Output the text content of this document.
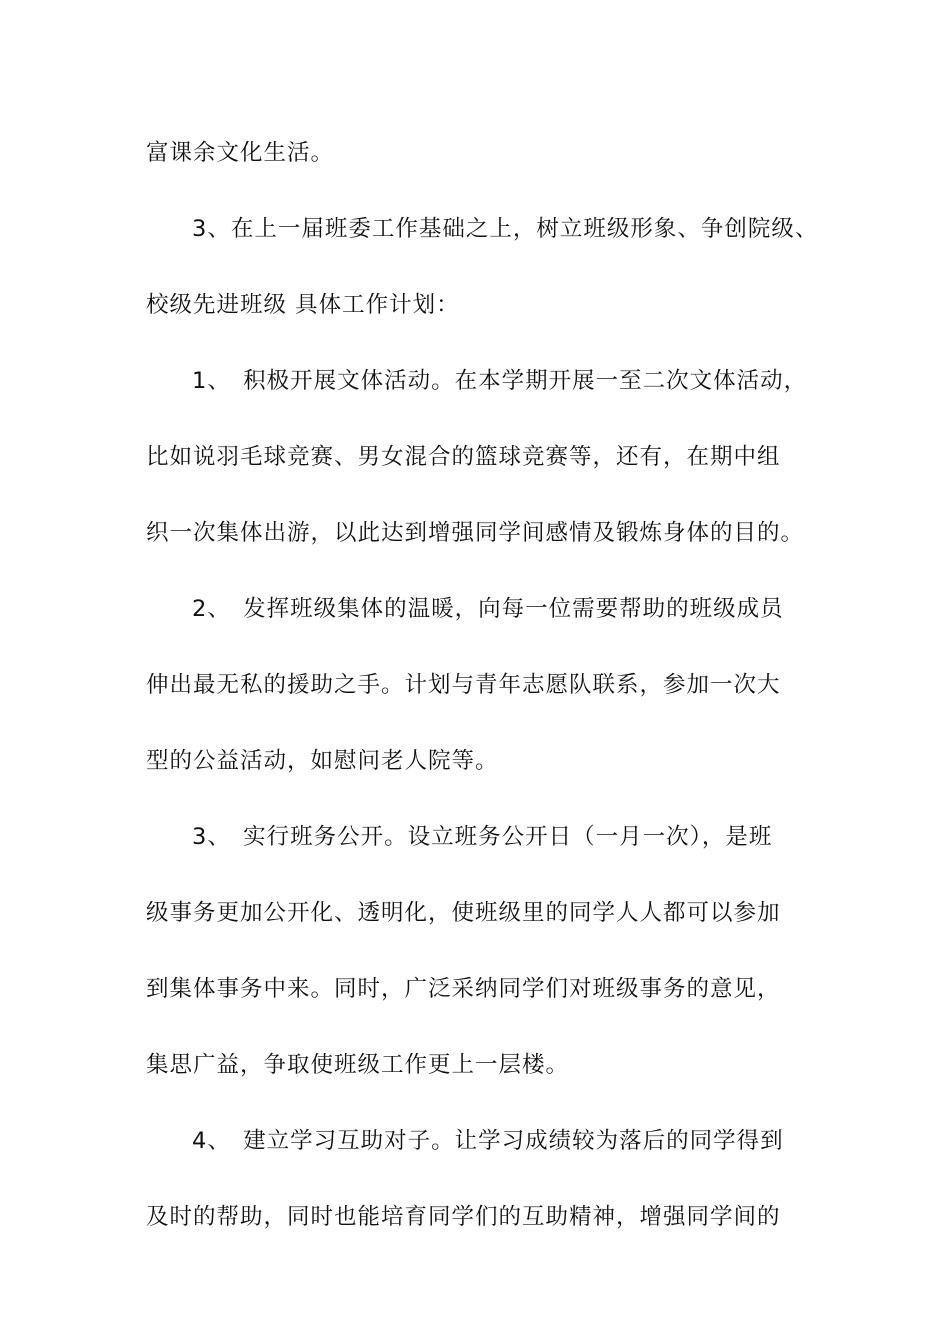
富课余文化生活。
3、在上一届班委工作基础之上，树立班级形象、争创院级、
校级先进班级 具体工作计划：
1、　积极开展文体活动。在本学期开展一至二次文体活动，
比如说羽毛球竞赛、男女混合的篮球竞赛等，还有，在期中组
织一次集体出游，以此达到增强同学间感情及锻炼身体的目的。
2、　发挥班级集体的温暖，向每一位需要帮助的班级成员
伸出最无私的援助之手。计划与青年志愿队联系，参加一次大
型的公益活动，如慰问老人院等。
3、　实行班务公开。设立班务公开日（一月一次），是班
级事务更加公开化、透明化，使班级里的同学人人都可以参加
到集体事务中来。同时，广泛采纳同学们对班级事务的意见，
集思广益，争取使班级工作更上一层楼。
4、　建立学习互助对子。让学习成绩较为落后的同学得到
及时的帮助，同时也能培育同学们的互助精神，增强同学间的
